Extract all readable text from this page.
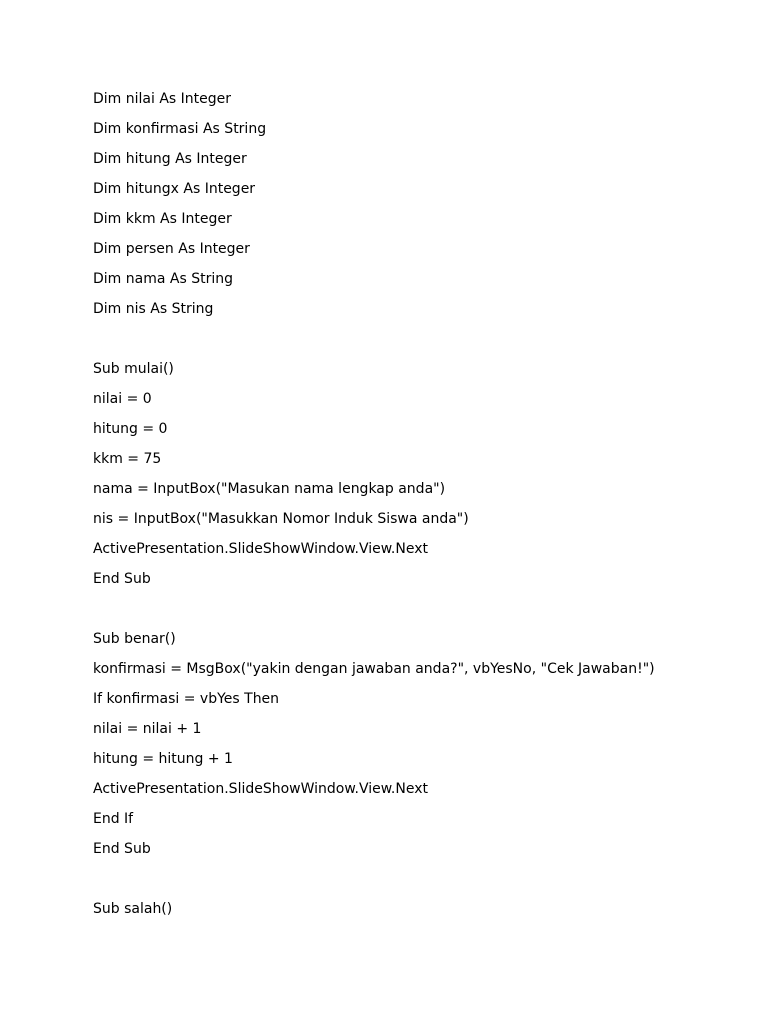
Dim nilai As Integer
Dim konfirmasi As String
Dim hitung As Integer
Dim hitungx As Integer
Dim kkm As Integer
Dim persen As Integer
Dim nama As String
Dim nis As String
Sub mulai()
nilai = 0
hitung = 0
kkm = 75
nama = InputBox("Masukan nama lengkap anda")
nis = InputBox("Masukkan Nomor Induk Siswa anda")
ActivePresentation.SlideShowWindow.View.Next
End Sub
Sub benar()
konfirmasi = MsgBox("yakin dengan jawaban anda?", vbYesNo, "Cek Jawaban!")
If konfirmasi = vbYes Then
nilai = nilai + 1
hitung = hitung + 1
ActivePresentation.SlideShowWindow.View.Next
End If
End Sub
Sub salah()
